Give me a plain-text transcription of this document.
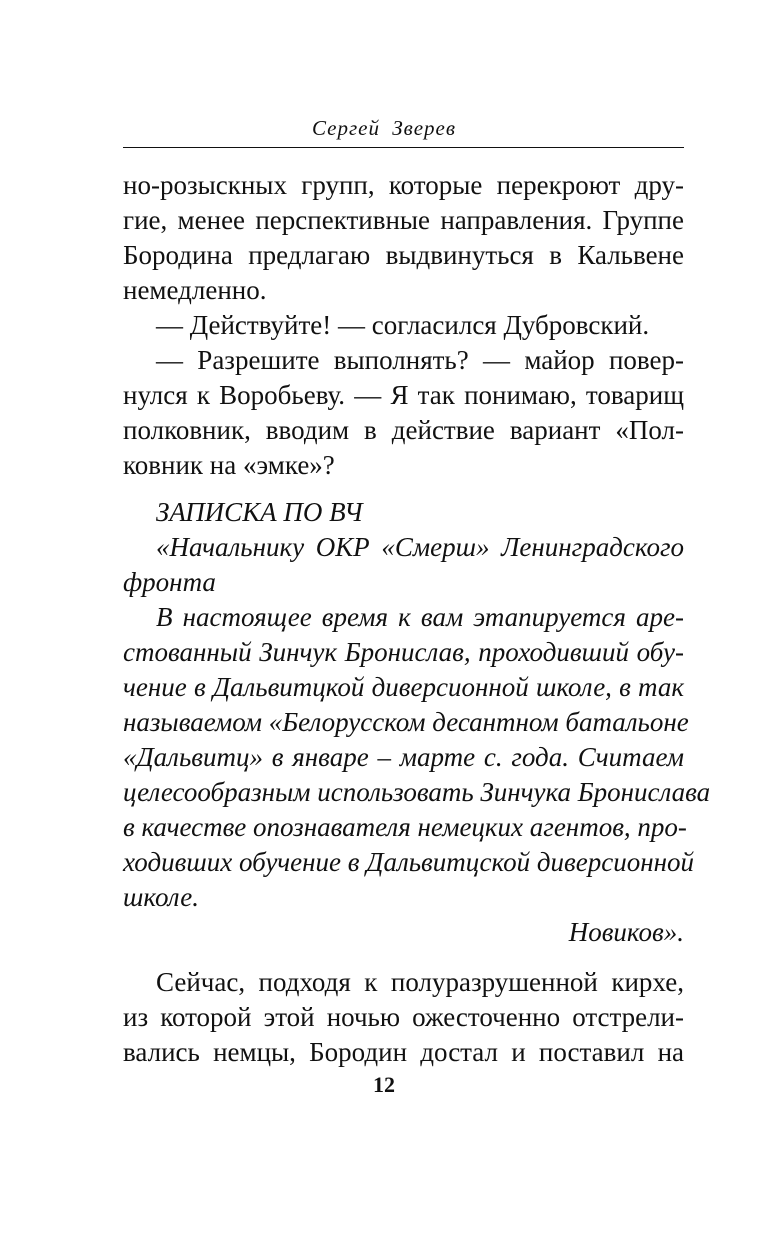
Сергей Зверев
но-розыскных групп, которые перекроют дру-
гие, менее перспективные направления. Группе
Бородина предлагаю выдвинуться в Кальвене
немедленно.
— Действуйте! — согласился Дубровский.
— Разрешите выполнять? — майор повер-
нулся к Воробьеву. — Я так понимаю, товарищ
полковник, вводим в действие вариант «Пол-
ковник на «эмке»?
ЗАПИСКА ПО ВЧ
«Начальнику ОКР «Смерш» Ленинградского
фронта
В настоящее время к вам этапируется аре-
стованный Зинчук Бронислав, проходивший обу-
чение в Дальвитцкой диверсионной школе, в так
называемом «Белорусском десантном батальоне
«Дальвитц» в январе – марте с. года. Считаем
целесообразным использовать Зинчука Бронислава
в качестве опознавателя немецких агентов, про-
ходивших обучение в Дальвитцской диверсионной
школе.
Новиков».
Сейчас, подходя к полуразрушенной кирхе,
из которой этой ночью ожесточенно отстрели-
вались немцы, Бородин достал и поставил на
12
